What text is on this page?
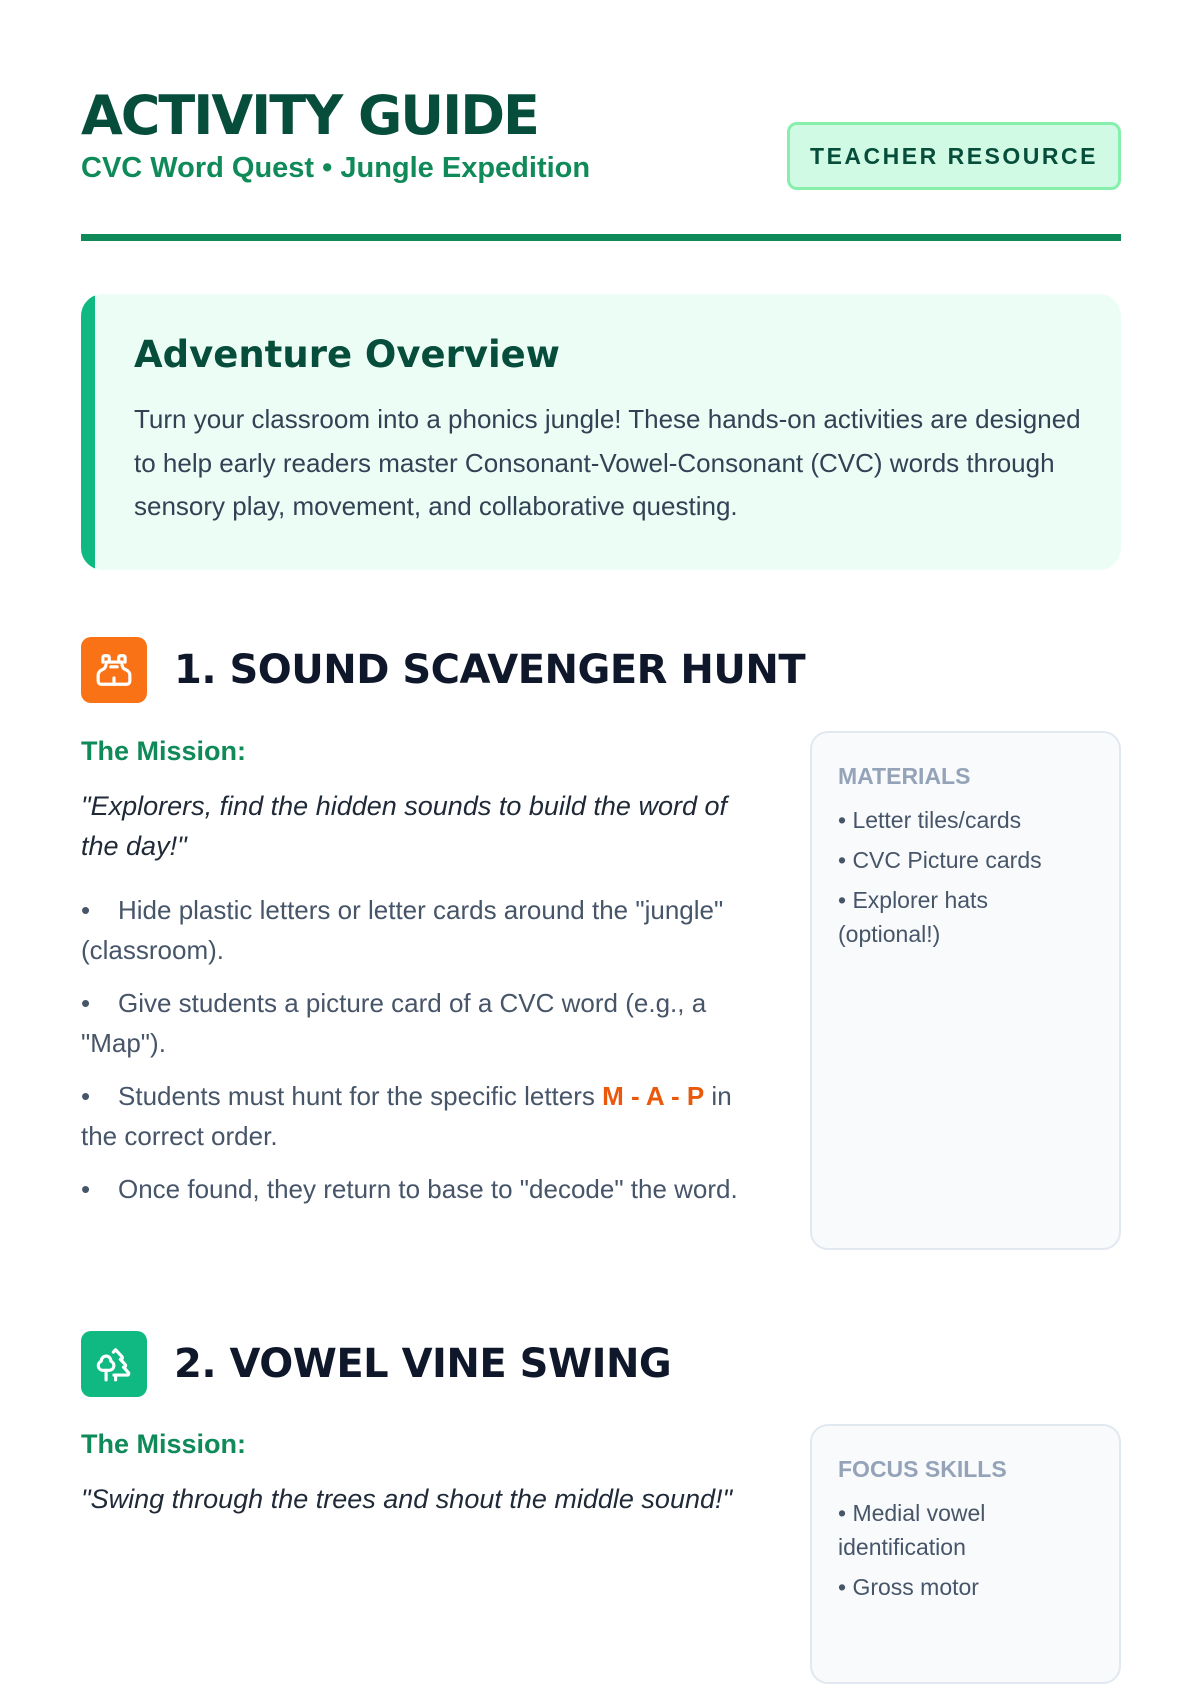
ACTIVITY GUIDE
CVC Word Quest • Jungle Expedition	TEACHER RESOURCE
Adventure Overview

Turn your classroom into a phonics jungle! These hands-on activities are designed to help early readers master Consonant-Vowel-Consonant (CVC) words through sensory play, movement, and collaborative questing.

1. SOUND SCAVENGER HUNT
The Mission:
"Explorers, find the hidden sounds to build the word of the day!"
• Hide plastic letters or letter cards around the "jungle" (classroom).
• Give students a picture card of a CVC word (e.g., a "Map").
• Students must hunt for the specific letters M - A - P in the correct order.
• Once found, they return to base to "decode" the word.
MATERIALS
• Letter tiles/cards
• CVC Picture cards
• Explorer hats (optional!)
2. VOWEL VINE SWING
The Mission:
"Swing through the trees and shout the middle sound!"
FOCUS SKILLS
• Medial vowel identification
• Gross motor
